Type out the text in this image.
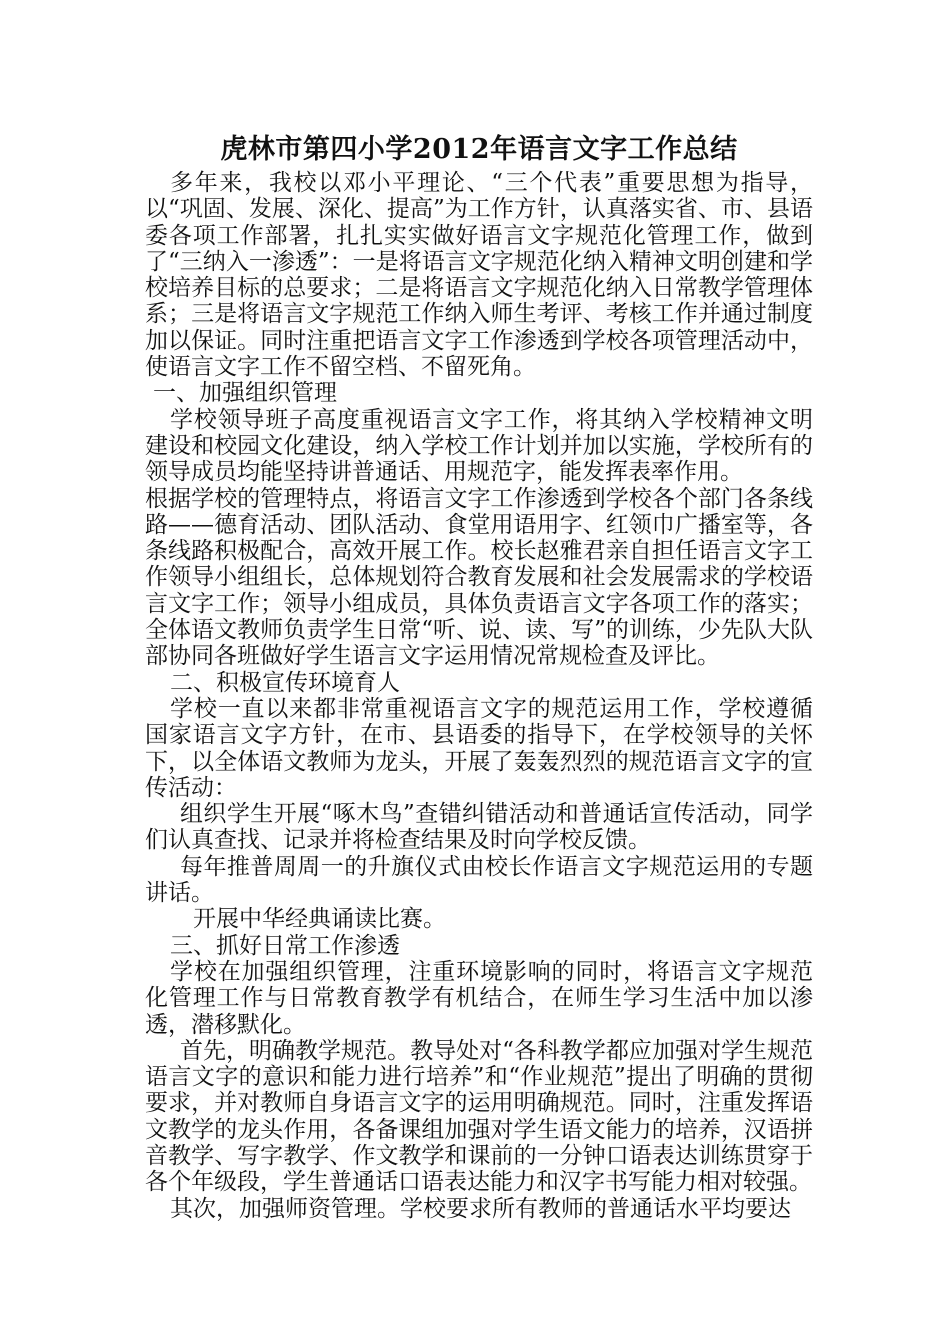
虎林市第四小学2012年语言文字工作总结

多年来，我校以邓小平理论、“三个代表”重要思想为指导，以“巩固、发展、深化、提高”为工作方针，认真落实省、市、县语委各项工作部署，扎扎实实做好语言文字规范化管理工作，做到了“三纳入一渗透”：一是将语言文字规范化纳入精神文明创建和学校培养目标的总要求；二是将语言文字规范化纳入日常教学管理体系；三是将语言文字规范工作纳入师生考评、考核工作并通过制度加以保证。同时注重把语言文字工作渗透到学校各项管理活动中，使语言文字工作不留空档、不留死角。

一、加强组织管理

学校领导班子高度重视语言文字工作，将其纳入学校精神文明建设和校园文化建设，纳入学校工作计划并加以实施，学校所有的领导成员均能坚持讲普通话、用规范字，能发挥表率作用。

根据学校的管理特点，将语言文字工作渗透到学校各个部门各条线路——德育活动、团队活动、食堂用语用字、红领巾广播室等，各条线路积极配合，高效开展工作。校长赵雅君亲自担任语言文字工作领导小组组长，总体规划符合教育发展和社会发展需求的学校语言文字工作；领导小组成员，具体负责语言文字各项工作的落实；全体语文教师负责学生日常“听、说、读、写”的训练，少先队大队部协同各班做好学生语言文字运用情况常规检查及评比。

二、积极宣传环境育人

学校一直以来都非常重视语言文字的规范运用工作，学校遵循国家语言文字方针，在市、县语委的指导下，在学校领导的关怀下，以全体语文教师为龙头，开展了轰轰烈烈的规范语言文字的宣传活动：

组织学生开展“啄木鸟”查错纠错活动和普通话宣传活动，同学们认真查找、记录并将检查结果及时向学校反馈。

每年推普周周一的升旗仪式由校长作语言文字规范运用的专题讲话。

开展中华经典诵读比赛。

三、抓好日常工作渗透

学校在加强组织管理，注重环境影响的同时，将语言文字规范化管理工作与日常教育教学有机结合，在师生学习生活中加以渗透，潜移默化。

首先，明确教学规范。教导处对“各科教学都应加强对学生规范语言文字的意识和能力进行培养”和“作业规范”提出了明确的贯彻要求，并对教师自身语言文字的运用明确规范。同时，注重发挥语文教学的龙头作用，各备课组加强对学生语文能力的培养，汉语拼音教学、写字教学、作文教学和课前的一分钟口语表达训练贯穿于各个年级段，学生普通话口语表达能力和汉字书写能力相对较强。

其次，加强师资管理。学校要求所有教师的普通话水平均要达
